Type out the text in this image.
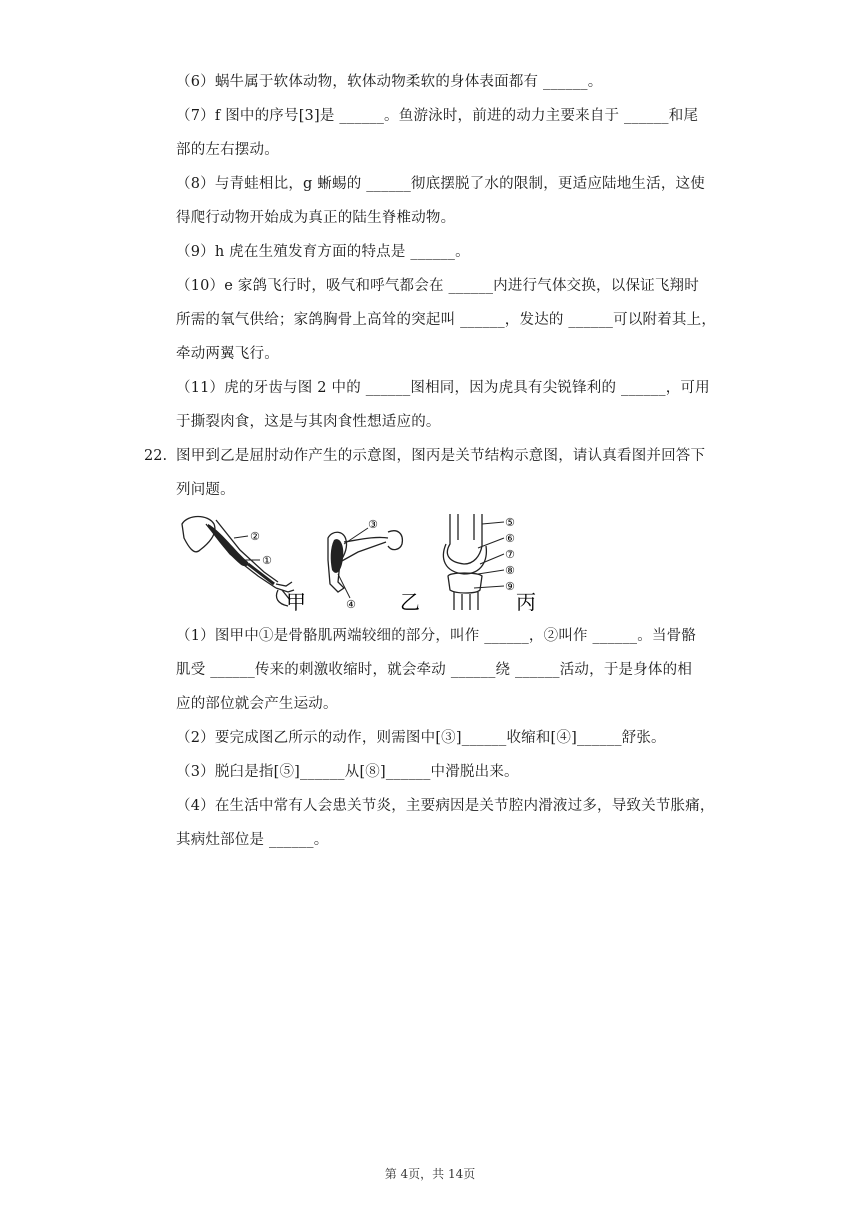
（6）蜗牛属于软体动物，软体动物柔软的身体表面都有 ______。
（7）f 图中的序号[3]是 ______。鱼游泳时，前进的动力主要来自于 ______和尾
部的左右摆动。
（8）与青蛙相比，g 蜥蜴的 ______彻底摆脱了水的限制，更适应陆地生活，这使
得爬行动物开始成为真正的陆生脊椎动物。
（9）h 虎在生殖发育方面的特点是 ______。
（10）e 家鸽飞行时，吸气和呼气都会在 ______内进行气体交换，以保证飞翔时
所需的氧气供给；家鸽胸骨上高耸的突起叫 ______，发达的 ______可以附着其上，
牵动两翼飞行。
（11）虎的牙齿与图 2 中的 ______图相同，因为虎具有尖锐锋利的 ______，可用
于撕裂肉食，这是与其肉食性想适应的。
22. 图甲到乙是屈肘动作产生的示意图，图丙是关节结构示意图，请认真看图并回答下
列问题。
②
①
甲
③
④ 乙
⑤
⑥
⑦
⑧
⑨
丙
（1）图甲中①是骨骼肌两端较细的部分，叫作 ______，②叫作 ______。当骨骼
肌受 ______传来的刺激收缩时，就会牵动 ______绕 ______活动，于是身体的相
应的部位就会产生运动。
（2）要完成图乙所示的动作，则需图中[③]______收缩和[④]______舒张。
（3）脱臼是指[⑤]______从[⑧]______中滑脱出来。
（4）在生活中常有人会患关节炎，主要病因是关节腔内滑液过多，导致关节胀痛，
其病灶部位是 ______。
第 4页，共 14页
